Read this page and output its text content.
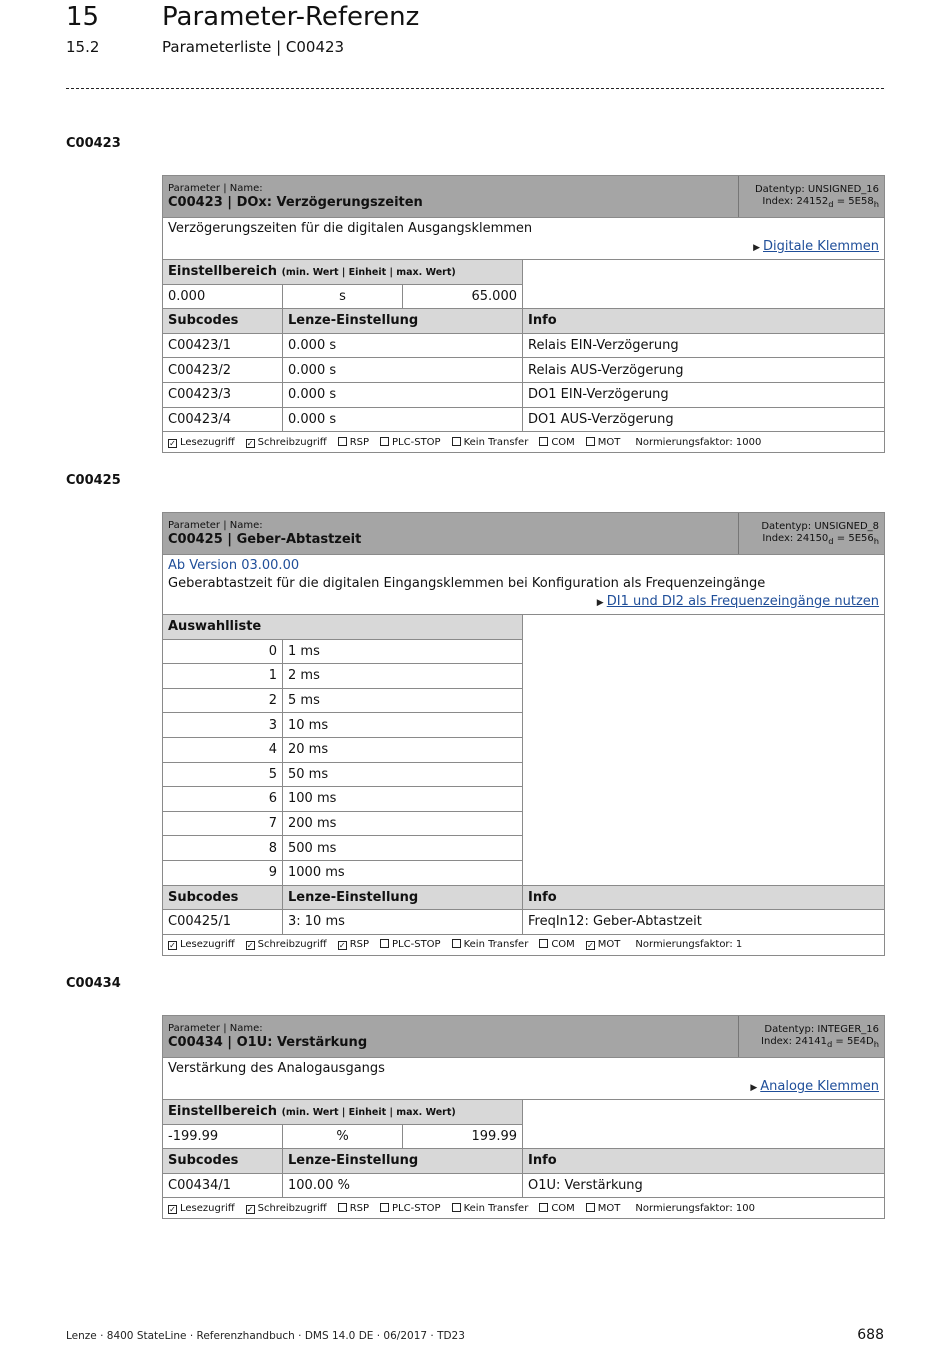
15 Parameter-Referenz
15.2	Parameterliste | C00423
C00423
C00425
C00434
Parameter | Name:
C00423 | DOx: Verzögerungszeiten				Datentyp: UNSIGNED_16
Index: $24152_d = 5E58_h$

Verzögerungszeiten für die digitalen Ausgangsklemmen
▶ Digitale Klemmen				

Einstellbereich (min. Wert | Einheit | max. Wert)				
0.000	s	65.000		
Subcodes	Lenze-Einstellung		Info	
C00423/1	0.000 s		Relais EIN-Verzögerung	
C00423/2	0.000 s		Relais AUS-Verzögerung	
C00423/3	0.000 s		DO1 EIN-Verzögerung	
C00423/4	0.000 s		DO1 AUS-Verzögerung	
✓ Lesezugriff ✓ Schreibzugriff RSP PLC-STOP Kein Transfer COM MOT Normierungsfaktor: 1000				
Parameter | Name:
C00425 | Geber-Abtastzeit			Datentyp: UNSIGNED_8
Index: $24150_d = 5E56_h$

Ab Version 03.00.00
Geberabtastzeit für die digitalen Eingangsklemmen bei Konfiguration als Frequenzeingänge
▶ DI1 und DI2 als Frequenzeingänge nutzen			

Auswahlliste			
0	1 ms		
1	2 ms		
2	5 ms		
3	10 ms		
4	20 ms		
5	50 ms		
6	100 ms		
7	200 ms		
8	500 ms		
9	1000 ms		
Subcodes	Lenze-Einstellung	Info	
C00425/1	3: 10 ms	FreqIn12: Geber-Abtastzeit	
✓ Lesezugriff ✓ Schreibzugriff ✓ RSP PLC-STOP Kein Transfer COM ✓ MOT Normierungsfaktor: 1			
Parameter | Name:
C00434 | O1U: Verstärkung				Datentyp: INTEGER_16
Index: $24141_d = 5E4D_h$

Verstärkung des Analogausgangs
▶ Analoge Klemmen				

Einstellbereich (min. Wert | Einheit | max. Wert)				
-199.99	%	199.99		
Subcodes	Lenze-Einstellung		Info	
C00434/1	100.00 %		O1U: Verstärkung	
✓ Lesezugriff ✓ Schreibzugriff RSP PLC-STOP Kein Transfer COM MOT Normierungsfaktor: 100				
Lenze · 8400 StateLine · Referenzhandbuch · DMS 14.0 DE · 06/2017 · TD23	688
